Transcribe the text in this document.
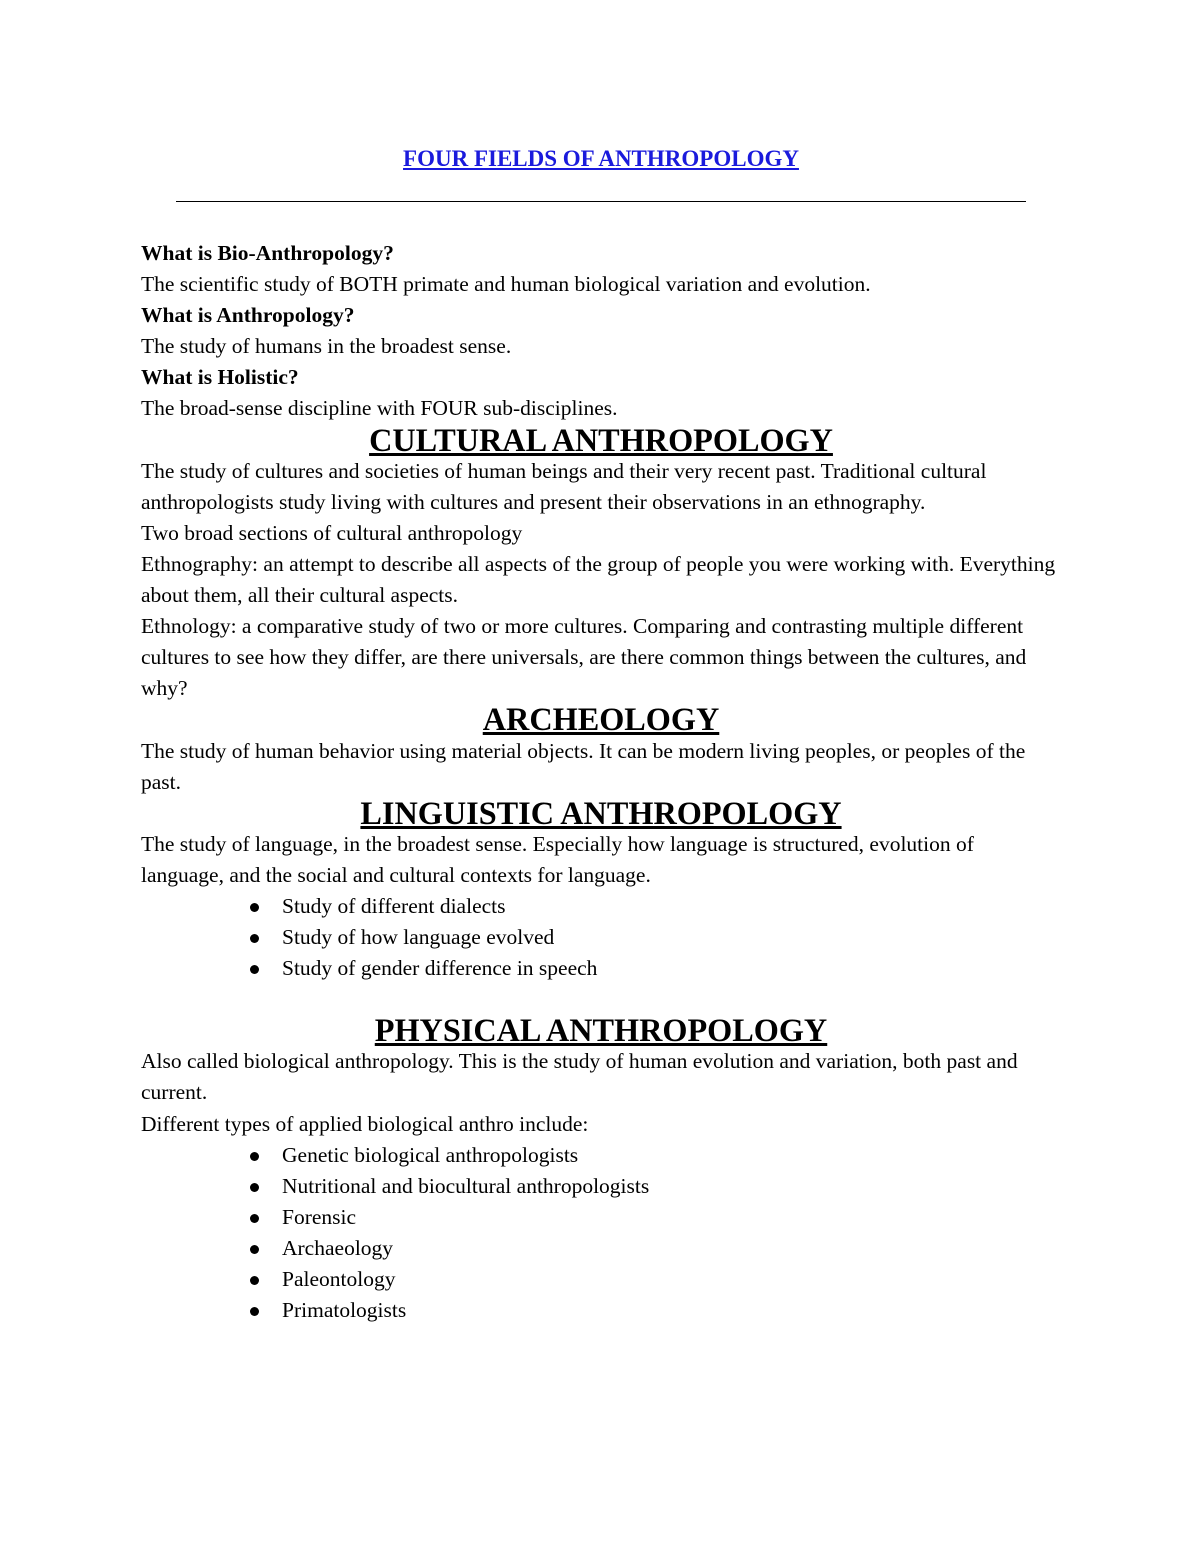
FOUR FIELDS OF ANTHROPOLOGY

What is Bio-Anthropology?

The scientific study of BOTH primate and human biological variation and evolution.

What is Anthropology?

The study of humans in the broadest sense.

What is Holistic?

The broad-sense discipline with FOUR sub-disciplines.

CULTURAL ANTHROPOLOGY

The study of cultures and societies of human beings and their very recent past. Traditional cultural anthropologists study living with cultures and present their observations in an ethnography.

Two broad sections of cultural anthropology

Ethnography: an attempt to describe all aspects of the group of people you were working with. Everything about them, all their cultural aspects.

Ethnology: a comparative study of two or more cultures. Comparing and contrasting multiple different cultures to see how they differ, are there universals, are there common things between the cultures, and why?

ARCHEOLOGY

The study of human behavior using material objects. It can be modern living peoples, or peoples of the past.

LINGUISTIC ANTHROPOLOGY

The study of language, in the broadest sense. Especially how language is structured, evolution of language, and the social and cultural contexts for language.

Study of different dialects
Study of how language evolved
Study of gender difference in speech
PHYSICAL ANTHROPOLOGY

Also called biological anthropology. This is the study of human evolution and variation, both past and current.

Different types of applied biological anthro include:

Genetic biological anthropologists
Nutritional and biocultural anthropologists
Forensic
Archaeology
Paleontology
Primatologists
